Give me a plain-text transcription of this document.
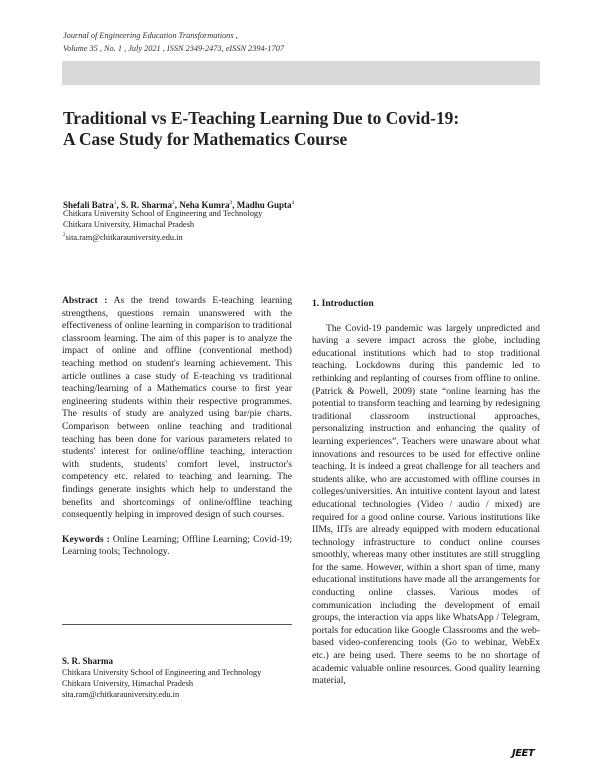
Journal of Engineering Education Transformations ,
Volume 35 , No. 1 , July 2021 , ISSN 2349-2473, eISSN 2394-1707
Traditional vs E-Teaching Learning Due to Covid-19:
A Case Study for Mathematics Course
Shefali Batra$^1$, S. R. Sharma$^2$, Neha Kumra$^3$, Madhu Gupta$^4$
Chitkara University School of Engineering and Technology
Chitkara University, Himachal Pradesh
$^2$sita.ram@chitkarauniversity.edu.in

Abstract : As the trend towards E-teaching learning strengthens, questions remain unanswered with the effectiveness of online learning in comparison to traditional classroom learning. The aim of this paper is to analyze the impact of online and offline (conventional method) teaching method on student's learning achievement. This article outlines a case study of E-teaching vs traditional teaching/learning of a Mathematics course to first year engineering students within their respective programmes. The results of study are analyzed using bar/pie charts. Comparison between online teaching and traditional teaching has been done for various parameters related to students' interest for online/offline teaching, interaction with students, students' comfort level, instructor's competency etc. related to teaching and learning. The findings generate insights which help to understand the benefits and shortcomings of online/offline teaching consequently helping in improved design of such courses.

Keywords : Online Learning; Offline Learning; Covid-19; Learning tools; Technology.

S. R. Sharma
Chitkara University School of Engineering and Technology
Chitkara University, Himachal Pradesh
sita.ram@chitkarauniversity.edu.in
1. Introduction

The Covid-19 pandemic was largely unpredicted and having a severe impact across the globe, including educational institutions which had to stop traditional teaching. Lockdowns during this pandemic led to rethinking and replanting of courses from offline to online. (Patrick & Powell, 2009) state “online learning has the potential to transform teaching and learning by redesigning traditional classroom instructional approaches, personalizing instruction and enhancing the quality of learning experiences”. Teachers were unaware about what innovations and resources to be used for effective online teaching. It is indeed a great challenge for all teachers and students alike, who are accustomed with offline courses in colleges/universities. An intuitive content layout and latest educational technologies (Video / audio / mixed) are required for a good online course. Various institutions like IIMs, IITs are already equipped with modern educational technology infrastructure to conduct online courses smoothly, whereas many other institutes are still struggling for the same. However, within a short span of time, many educational institutions have made all the arrangements for conducting online classes. Various modes of communication including the development of email groups, the interaction via apps like WhatsApp / Telegram, portals for education like Google Classrooms and the web-based video-conferencing tools (Go to webinar, WebEx etc.) are being used. There seems to be no shortage of academic valuable online resources. Good quality learning material,

JEET
